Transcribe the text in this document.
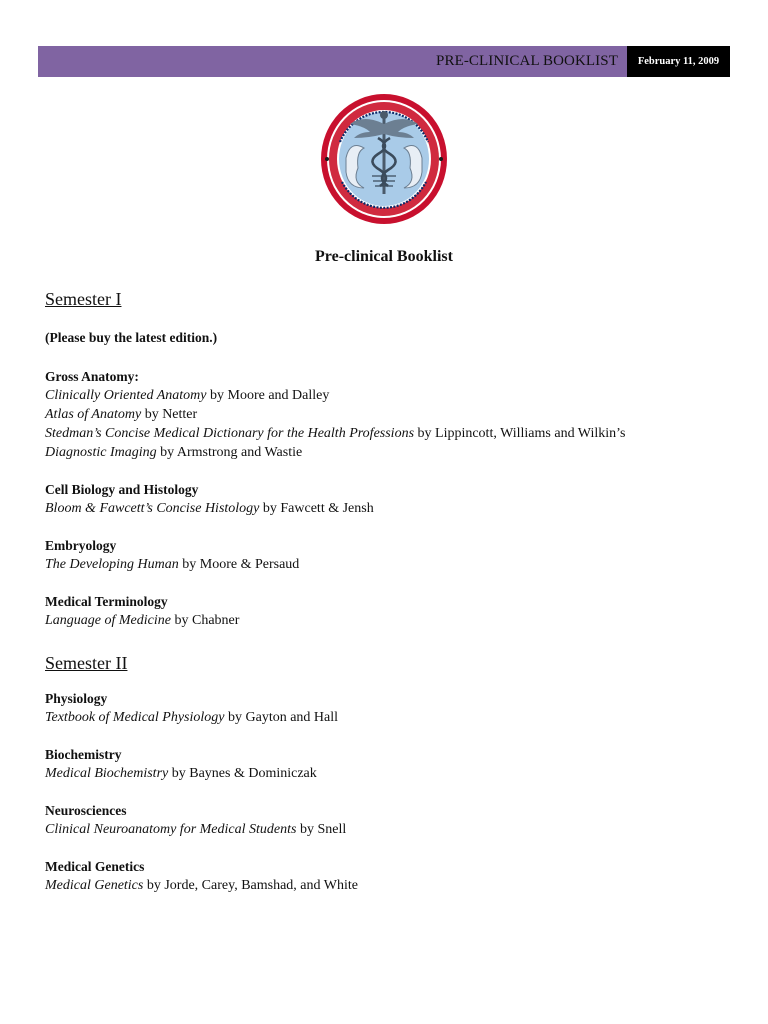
PRE-CLINICAL BOOKLIST	February 11, 2009
Pre-clinical Booklist
Semester I
(Please buy the latest edition.)
Gross Anatomy:
Clinically Oriented Anatomy by Moore and Dalley
Atlas of Anatomy by Netter
Stedman’s Concise Medical Dictionary for the Health Professions by Lippincott, Williams and Wilkin’s
Diagnostic Imaging by Armstrong and Wastie
Cell Biology and Histology
Bloom & Fawcett’s Concise Histology by Fawcett & Jensh
Embryology
The Developing Human by Moore & Persaud
Medical Terminology
Language of Medicine by Chabner
Semester II
Physiology
Textbook of Medical Physiology by Gayton and Hall
Biochemistry
Medical Biochemistry by Baynes & Dominiczak
Neurosciences
Clinical Neuroanatomy for Medical Students by Snell
Medical Genetics
Medical Genetics by Jorde, Carey, Bamshad, and White
